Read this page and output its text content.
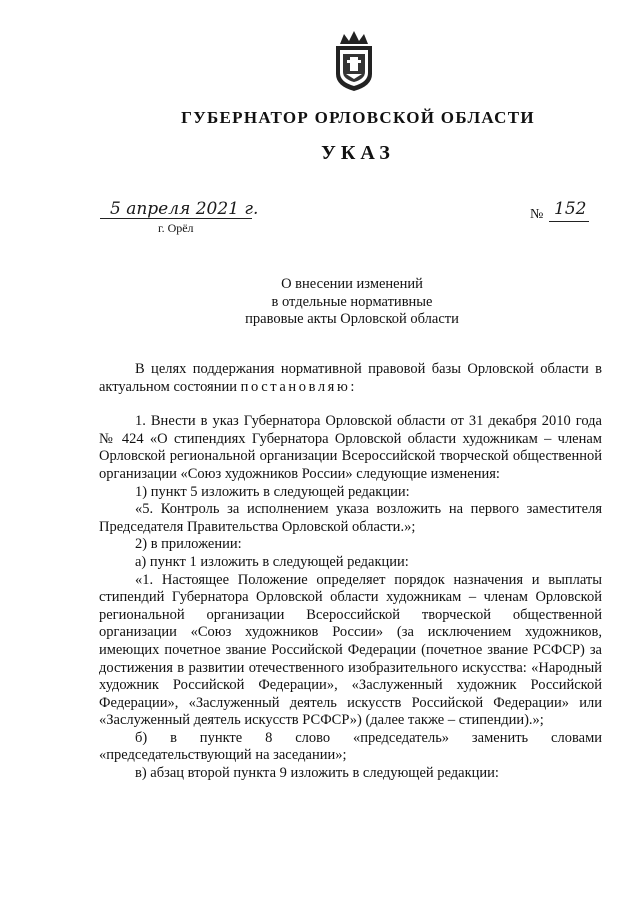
ГУБЕРНАТОР ОРЛОВСКОЙ ОБЛАСТИ
УКАЗ
5 апреля 2021 г.
г. Орёл
№ 152
О внесении изменений
в отдельные нормативные
правовые акты Орловской области

В целях поддержания нормативной правовой базы Орловской области в актуальном состоянии постановляю:

1. Внести в указ Губернатора Орловской области от 31 декабря 2010 года № 424 «О стипендиях Губернатора Орловской области художникам – членам Орловской региональной организации Всероссийской творческой общественной организации «Союз художников России» следующие изменения:

1) пункт 5 изложить в следующей редакции:

«5. Контроль за исполнением указа возложить на первого заместителя Председателя Правительства Орловской области.»;

2) в приложении:

а) пункт 1 изложить в следующей редакции:

«1. Настоящее Положение определяет порядок назначения и выплаты стипендий Губернатора Орловской области художникам – членам Орловской региональной организации Всероссийской творческой общественной организации «Союз художников России» (за исключением художников, имеющих почетное звание Российской Федерации (почетное звание РСФСР) за достижения в развитии отечественного изобразительного искусства: «Народный художник Российской Федерации», «Заслуженный художник Российской Федерации», «Заслуженный деятель искусств Российской Федерации» или «Заслуженный деятель искусств РСФСР») (далее также – стипендии).»;

б) в пункте 8 слово «председатель» заменить словами «председательствующий на заседании»;

в) абзац второй пункта 9 изложить в следующей редакции:
